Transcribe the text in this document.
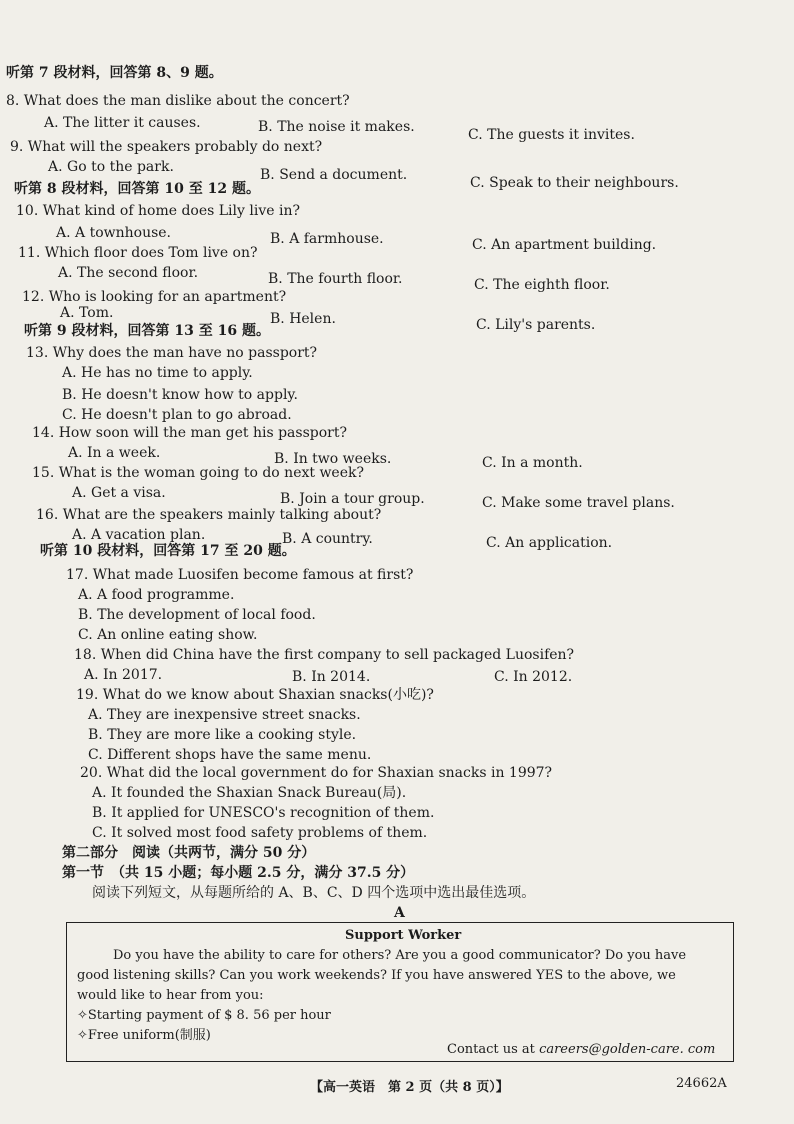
听第 7 段材料，回答第 8、9 题。
8. What does the man dislike about the concert?
A. The litter it causes.	B. The noise it makes.	C. The guests it invites.
9. What will the speakers probably do next?
A. Go to the park.	B. Send a document.	C. Speak to their neighbours.
听第 8 段材料，回答第 10 至 12 题。
10. What kind of home does Lily live in?
A. A townhouse.	B. A farmhouse.	C. An apartment building.
11. Which floor does Tom live on?
A. The second floor.	B. The fourth floor.	C. The eighth floor.
12. Who is looking for an apartment?
A. Tom.	B. Helen.	C. Lily's parents.
听第 9 段材料，回答第 13 至 16 题。
13. Why does the man have no passport?
A. He has no time to apply.
B. He doesn't know how to apply.
C. He doesn't plan to go abroad.
14. How soon will the man get his passport?
A. In a week.	B. In two weeks.	C. In a month.
15. What is the woman going to do next week?
A. Get a visa.	B. Join a tour group.	C. Make some travel plans.
16. What are the speakers mainly talking about?
A. A vacation plan.	B. A country.	C. An application.
听第 10 段材料，回答第 17 至 20 题。
17. What made Luosifen become famous at first?
A. A food programme.
B. The development of local food.
C. An online eating show.
18. When did China have the first company to sell packaged Luosifen?
A. In 2017.	B. In 2014.	C. In 2012.
19. What do we know about Shaxian snacks(小吃)?
A. They are inexpensive street snacks.
B. They are more like a cooking style.
C. Different shops have the same menu.
20. What did the local government do for Shaxian snacks in 1997?
A. It founded the Shaxian Snack Bureau(局).
B. It applied for UNESCO's recognition of them.
C. It solved most food safety problems of them.
第二部分　阅读（共两节，满分 50 分）
第一节　（共 15 小题；每小题 2.5 分，满分 37.5 分）
阅读下列短文，从每题所给的 A、B、C、D 四个选项中选出最佳选项。
A
Support Worker
Do you have the ability to care for others? Are you a good communicator? Do you have
good listening skills? Can you work weekends? If you have answered YES to the above, we
would like to hear from you:
✧Starting payment of $ 8. 56 per hour
✧Free uniform(制服)
Contact us at careers@golden-care. com
【高一英语　第 2 页（共 8 页）】	24662A
